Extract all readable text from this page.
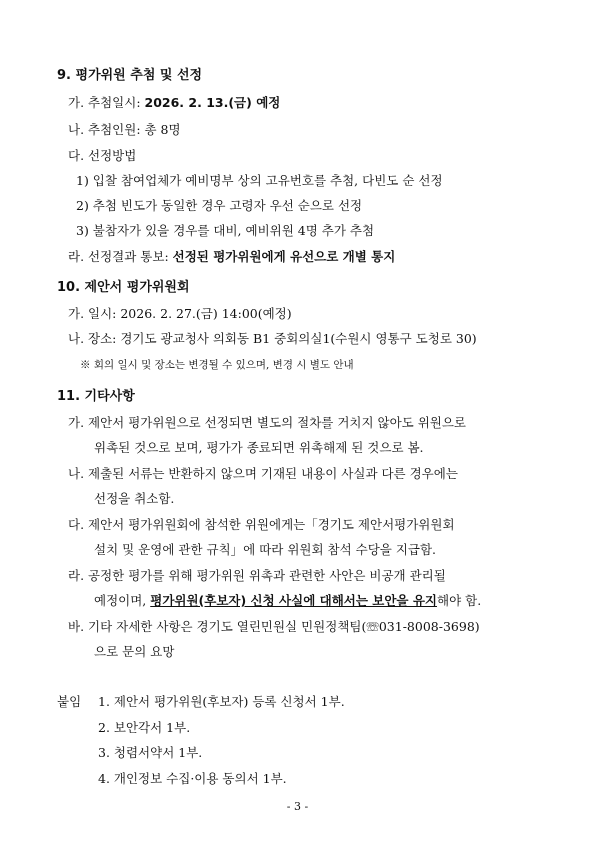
9. 평가위원 추첨 및 선정
가. 추첨일시: 2026. 2. 13.(금) 예정
나. 추첨인원: 총 8명
다. 선정방법
1) 입찰 참여업체가 예비명부 상의 고유번호를 추첨, 다빈도 순 선정
2) 추첨 빈도가 동일한 경우 고령자 우선 순으로 선정
3) 불참자가 있을 경우를 대비, 예비위원 4명 추가 추첨
라. 선정결과 통보: 선정된 평가위원에게 유선으로 개별 통지
10. 제안서 평가위원회
가. 일시: 2026. 2. 27.(금) 14:00(예정)
나. 장소: 경기도 광교청사 의회동 B1 중회의실1(수원시 영통구 도청로 30)
※ 회의 일시 및 장소는 변경될 수 있으며, 변경 시 별도 안내
11. 기타사항
가. 제안서 평가위원으로 선정되면 별도의 절차를 거치지 않아도 위원으로
위촉된 것으로 보며, 평가가 종료되면 위촉해제 된 것으로 봄.
나. 제출된 서류는 반환하지 않으며 기재된 내용이 사실과 다른 경우에는
선정을 취소함.
다. 제안서 평가위원회에 참석한 위원에게는「경기도 제안서평가위원회
설치 및 운영에 관한 규칙」에 따라 위원회 참석 수당을 지급함.
라. 공정한 평가를 위해 평가위원 위촉과 관련한 사안은 비공개 관리될
예정이며, 평가위원(후보자) 신청 사실에 대해서는 보안을 유지해야 함.
바. 기타 자세한 사항은 경기도 열린민원실 민원정책팀(☏031-8008-3698)
으로 문의 요망
붙임 1. 제안서 평가위원(후보자) 등록 신청서 1부.
2. 보안각서 1부.
3. 청렴서약서 1부.
4. 개인정보 수집·이용 동의서 1부.
- 3 -
